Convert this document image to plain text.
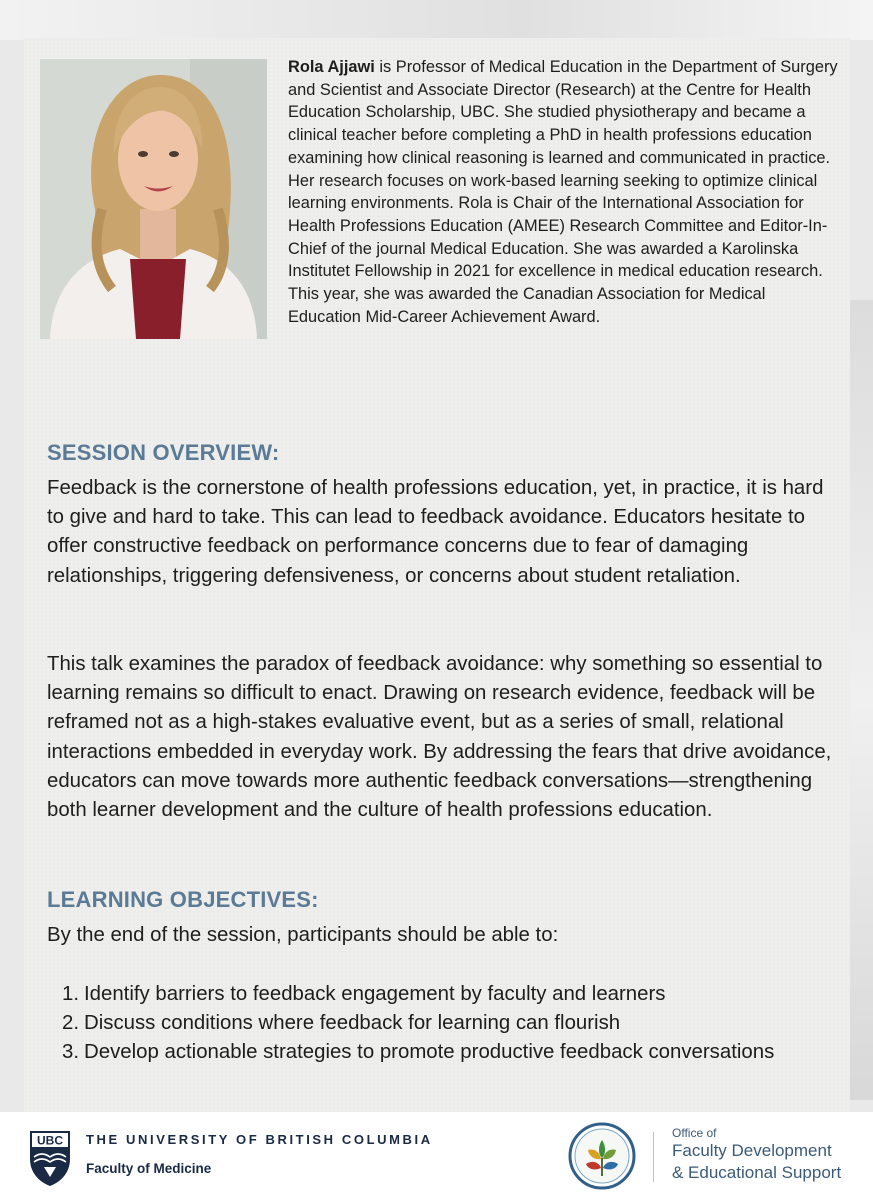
Rola Ajjawi is Professor of Medical Education in the Department of Surgery and Scientist and Associate Director (Research) at the Centre for Health Education Scholarship, UBC. She studied physiotherapy and became a clinical teacher before completing a PhD in health professions education examining how clinical reasoning is learned and communicated in practice. Her research focuses on work-based learning seeking to optimize clinical learning environments. Rola is Chair of the International Association for Health Professions Education (AMEE) Research Committee and Editor-In-Chief of the journal Medical Education. She was awarded a Karolinska Institutet Fellowship in 2021 for excellence in medical education research. This year, she was awarded the Canadian Association for Medical Education Mid-Career Achievement Award.
SESSION OVERVIEW:
Feedback is the cornerstone of health professions education, yet, in practice, it is hard to give and hard to take. This can lead to feedback avoidance. Educators hesitate to offer constructive feedback on performance concerns due to fear of damaging relationships, triggering defensiveness, or concerns about student retaliation.
This talk examines the paradox of feedback avoidance: why something so essential to learning remains so difficult to enact. Drawing on research evidence, feedback will be reframed not as a high-stakes evaluative event, but as a series of small, relational interactions embedded in everyday work. By addressing the fears that drive avoidance, educators can move towards more authentic feedback conversations—strengthening both learner development and the culture of health professions education.
LEARNING OBJECTIVES:
By the end of the session, participants should be able to:
1. Identify barriers to feedback engagement by faculty and learners
2. Discuss conditions where feedback for learning can flourish
3. Develop actionable strategies to promote productive feedback conversations
UBC THE UNIVERSITY OF BRITISH COLUMBIA
Faculty of Medicine
Office of
Faculty Development
& Educational Support
